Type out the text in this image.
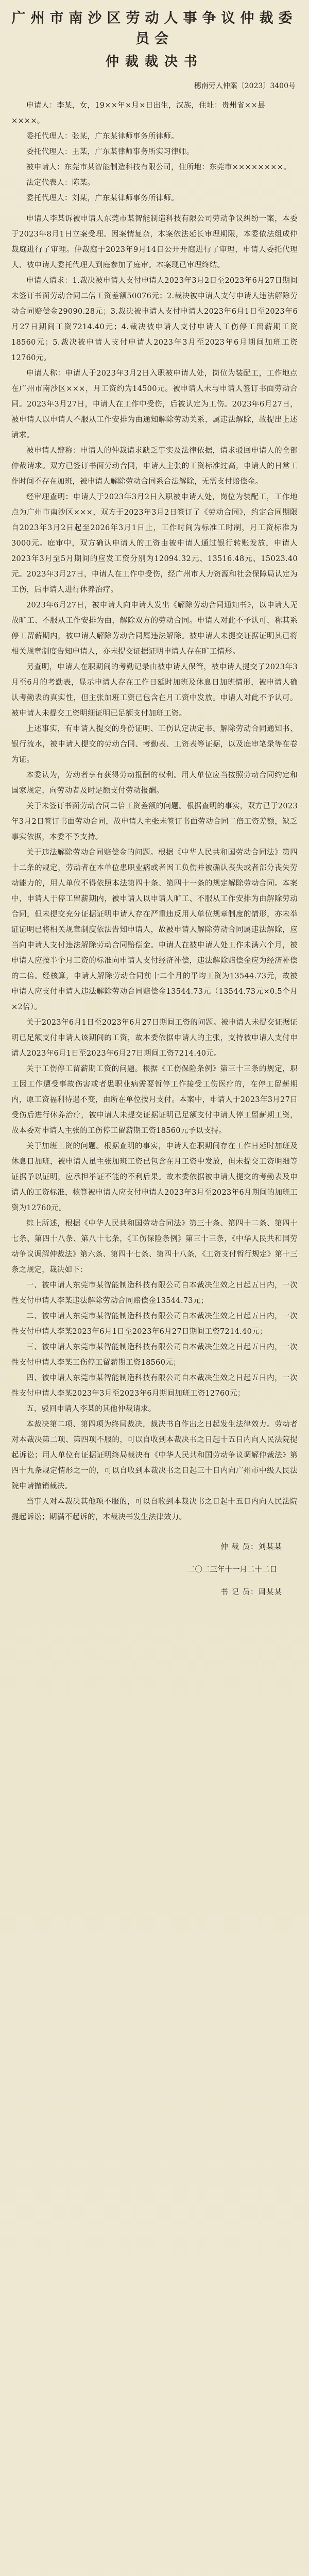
广州市南沙区劳动人事争议仲裁委员会
仲裁裁决书
穗南劳人仲案〔2023〕3400号

申请人：李某，女，19××年×月×日出生，汉族，住址：贵州省××县××××。

委托代理人：张某，广东某律师事务所律师。

委托代理人：王某，广东某律师事务所实习律师。

被申请人：东莞市某智能制造科技有限公司，住所地：东莞市××××××××。

法定代表人：陈某。

委托代理人：刘某，广东某律师事务所律师。

申请人李某诉被申请人东莞市某智能制造科技有限公司劳动争议纠纷一案，本委于2023年8月1日立案受理。因案情复杂，本案依法延长审理期限，本委依法组成仲裁庭进行了审理。仲裁庭于2023年9月14日公开开庭进行了审理，申请人委托代理人、被申请人委托代理人到庭参加了庭审。本案现已审理终结。

申请人请求：1.裁决被申请人支付申请人2023年3月2日至2023年6月27日期间未签订书面劳动合同二倍工资差额50076元；2.裁决被申请人支付申请人违法解除劳动合同赔偿金29090.28元；3.裁决被申请人支付申请人2023年6月1日至2023年6月27日期间工资7214.40元；4.裁决被申请人支付申请人工伤停工留薪期工资18560元；5.裁决被申请人支付申请人2023年3月至2023年6月期间加班工资12760元。

申请人称：申请人于2023年3月2日入职被申请人处，岗位为装配工，工作地点在广州市南沙区×××，月工资约为14500元。被申请人未与申请人签订书面劳动合同。2023年3月27日，申请人在工作中受伤，后被认定为工伤。2023年6月27日，被申请人以申请人不服从工作安排为由通知解除劳动关系，属违法解除，故提出上述请求。

被申请人辩称：申请人的仲裁请求缺乏事实及法律依据，请求驳回申请人的全部仲裁请求。双方已签订书面劳动合同，申请人主张的工资标准过高，申请人的日常工作时间不存在加班，被申请人解除劳动合同系合法解除，无需支付赔偿金。

经审理查明：申请人于2023年3月2日入职被申请人处，岗位为装配工，工作地点为广州市南沙区×××，双方于2023年3月2日签订了《劳动合同》，约定合同期限自2023年3月2日起至2026年3月1日止，工作时间为标准工时制，月工资标准为3000元。庭审中，双方确认申请人的工资由被申请人通过银行转账发放，申请人2023年3月至5月期间的应发工资分别为12094.32元、13516.48元、15023.40元。2023年3月27日，申请人在工作中受伤，经广州市人力资源和社会保障局认定为工伤，后申请人进行休养治疗。

2023年6月27日，被申请人向申请人发出《解除劳动合同通知书》，以申请人无故旷工、不服从工作安排为由，解除双方的劳动合同。申请人对此不予认可，称其系停工留薪期内，被申请人解除劳动合同属违法解除。被申请人未提交证据证明其已将相关规章制度告知申请人，亦未提交证据证明申请人存在旷工情形。

另查明，申请人在职期间的考勤记录由被申请人保管，被申请人提交了2023年3月至6月的考勤表，显示申请人存在工作日延时加班及休息日加班情形，被申请人确认考勤表的真实性，但主张加班工资已包含在月工资中发放。申请人对此不予认可。被申请人未提交工资明细证明已足额支付加班工资。

上述事实，有申请人提交的身份证明、工伤认定决定书、解除劳动合同通知书、银行流水，被申请人提交的劳动合同、考勤表、工资表等证据，以及庭审笔录等在卷为证。

本委认为，劳动者享有获得劳动报酬的权利。用人单位应当按照劳动合同约定和国家规定，向劳动者及时足额支付劳动报酬。

关于未签订书面劳动合同二倍工资差额的问题。根据查明的事实，双方已于2023年3月2日签订书面劳动合同，故申请人主张未签订书面劳动合同二倍工资差额，缺乏事实依据，本委不予支持。

关于违法解除劳动合同赔偿金的问题。根据《中华人民共和国劳动合同法》第四十二条的规定，劳动者在本单位患职业病或者因工负伤并被确认丧失或者部分丧失劳动能力的，用人单位不得依照本法第四十条、第四十一条的规定解除劳动合同。本案中，申请人于停工留薪期内，被申请人以申请人旷工、不服从工作安排为由解除劳动合同，但未提交充分证据证明申请人存在严重违反用人单位规章制度的情形，亦未举证证明已将相关规章制度依法告知申请人，故被申请人解除劳动合同属违法解除，应当向申请人支付违法解除劳动合同赔偿金。申请人在被申请人处工作未满六个月，被申请人应按半个月工资的标准向申请人支付经济补偿，违法解除赔偿金应为经济补偿的二倍。经核算，申请人解除劳动合同前十二个月的平均工资为13544.73元，故被申请人应支付申请人违法解除劳动合同赔偿金13544.73元（13544.73元×0.5个月×2倍）。

关于2023年6月1日至2023年6月27日期间工资的问题。被申请人未提交证据证明已足额支付申请人该期间的工资，故本委依据申请人的主张，支持被申请人支付申请人2023年6月1日至2023年6月27日期间工资7214.40元。

关于工伤停工留薪期工资的问题。根据《工伤保险条例》第三十三条的规定，职工因工作遭受事故伤害或者患职业病需要暂停工作接受工伤医疗的，在停工留薪期内，原工资福利待遇不变，由所在单位按月支付。本案中，申请人于2023年3月27日受伤后进行休养治疗，被申请人未提交证据证明已足额支付申请人停工留薪期工资，故本委对申请人主张的工伤停工留薪期工资18560元予以支持。

关于加班工资的问题。根据查明的事实，申请人在职期间存在工作日延时加班及休息日加班，被申请人虽主张加班工资已包含在月工资中发放，但未提交工资明细等证据予以证明，应承担举证不能的不利后果。故本委依据被申请人提交的考勤表及申请人的工资标准，核算被申请人应支付申请人2023年3月至2023年6月期间的加班工资为12760元。

综上所述，根据《中华人民共和国劳动合同法》第三十条、第四十二条、第四十七条、第四十八条、第八十七条，《工伤保险条例》第三十三条，《中华人民共和国劳动争议调解仲裁法》第六条、第四十七条、第四十八条，《工资支付暂行规定》第十三条之规定，裁决如下：

一、被申请人东莞市某智能制造科技有限公司自本裁决生效之日起五日内，一次性支付申请人李某违法解除劳动合同赔偿金13544.73元；

二、被申请人东莞市某智能制造科技有限公司自本裁决生效之日起五日内，一次性支付申请人李某2023年6月1日至2023年6月27日期间工资7214.40元；

三、被申请人东莞市某智能制造科技有限公司自本裁决生效之日起五日内，一次性支付申请人李某工伤停工留薪期工资18560元；

四、被申请人东莞市某智能制造科技有限公司自本裁决生效之日起五日内，一次性支付申请人李某2023年3月至2023年6月期间加班工资12760元；

五、驳回申请人李某的其他仲裁请求。

本裁决第二项、第四项为终局裁决，裁决书自作出之日起发生法律效力。劳动者对本裁决第二项、第四项不服的，可以自收到本裁决书之日起十五日内向人民法院提起诉讼；用人单位有证据证明终局裁决有《中华人民共和国劳动争议调解仲裁法》第四十九条规定情形之一的，可以自收到本裁决书之日起三十日内向广州市中级人民法院申请撤销裁决。

当事人对本裁决其他项不服的，可以自收到本裁决书之日起十五日内向人民法院提起诉讼；期满不起诉的，本裁决书发生法律效力。

仲 裁 员：刘某某
二〇二三年十一月二十二日
书 记 员：周某某
